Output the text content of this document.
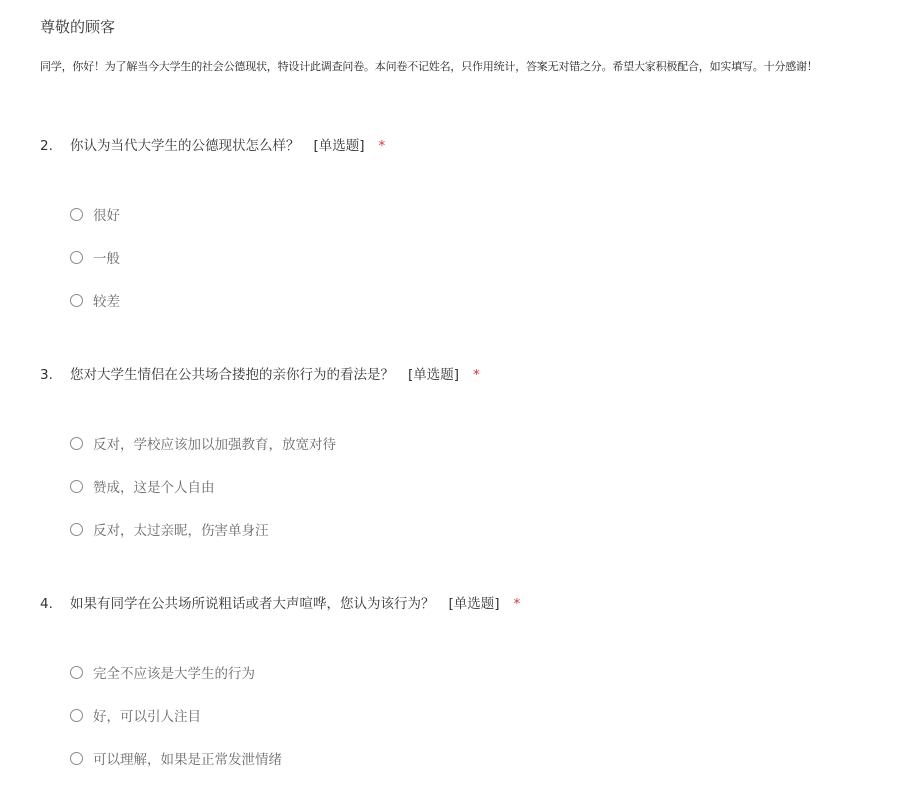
尊敬的顾客
同学，你好！为了解当今大学生的社会公德现状，特设计此调查问卷。本问卷不记姓名，只作用统计，答案无对错之分。希望大家积极配合，如实填写。十分感谢！
2. 你认为当代大学生的公德现状怎么样？ [单选题] *
很好
一般
较差
3. 您对大学生情侣在公共场合搂抱的亲你行为的看法是？ [单选题] *
反对，学校应该加以加强教育，放宽对待
赞成，这是个人自由
反对，太过亲昵，伤害单身汪
4. 如果有同学在公共场所说粗话或者大声喧哗，您认为该行为？ [单选题] *
完全不应该是大学生的行为
好，可以引人注目
可以理解，如果是正常发泄情绪
